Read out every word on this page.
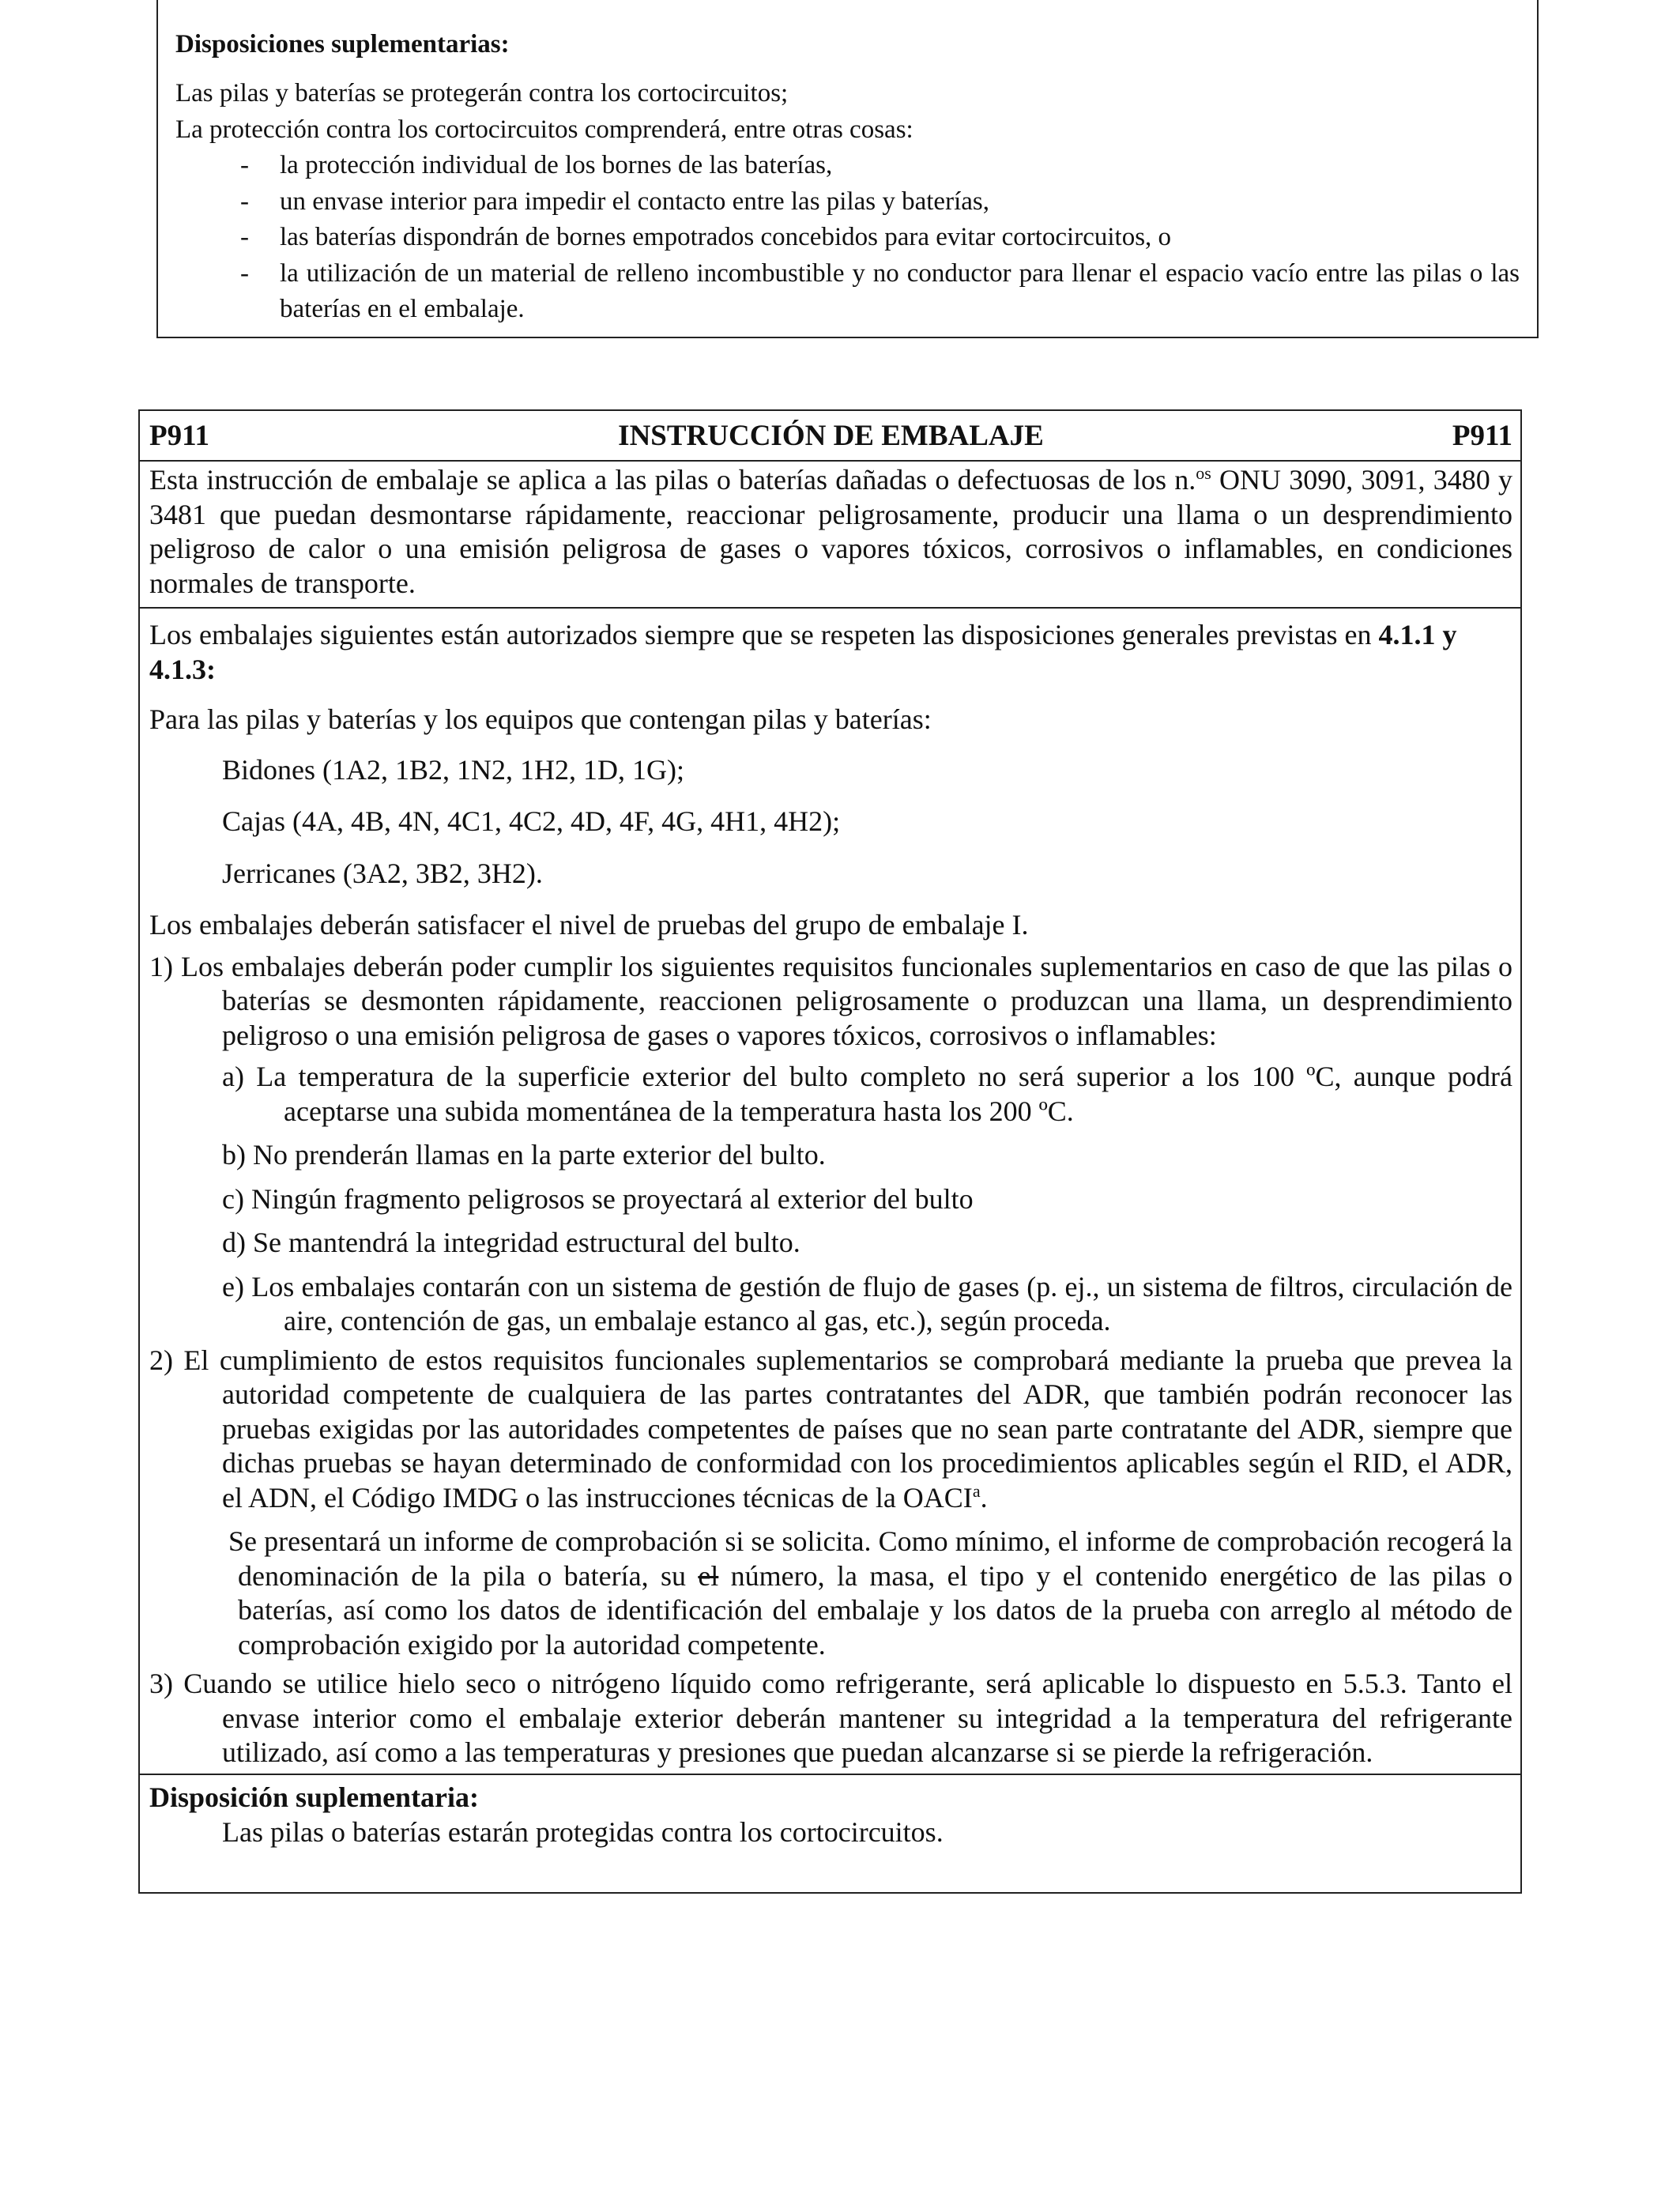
Disposiciones suplementarias:
Las pilas y baterías se protegerán contra los cortocircuitos;
La protección contra los cortocircuitos comprenderá, entre otras cosas:
- la protección individual de los bornes de las baterías,
- un envase interior para impedir el contacto entre las pilas y baterías,
- las baterías dispondrán de bornes empotrados concebidos para evitar cortocircuitos, o
- la utilización de un material de relleno incombustible y no conductor para llenar el espacio vacío entre las pilas o las baterías en el embalaje.
P911	INSTRUCCIÓN DE EMBALAJE	P911
Esta instrucción de embalaje se aplica a las pilas o baterías dañadas o defectuosas de los n.$^{os}$ ONU 3090, 3091, 3480 y 3481 que puedan desmontarse rápidamente, reaccionar peligrosamente, producir una llama o un desprendimiento peligroso de calor o una emisión peligrosa de gases o vapores tóxicos, corrosivos o inflamables, en condiciones normales de transporte.
Los embalajes siguientes están autorizados siempre que se respeten las disposiciones generales previstas en 4.1.1 y 4.1.3:
Para las pilas y baterías y los equipos que contengan pilas y baterías:
Bidones (1A2, 1B2, 1N2, 1H2, 1D, 1G);
Cajas (4A, 4B, 4N, 4C1, 4C2, 4D, 4F, 4G, 4H1, 4H2);
Jerricanes (3A2, 3B2, 3H2).
Los embalajes deberán satisfacer el nivel de pruebas del grupo de embalaje I.
1) Los embalajes deberán poder cumplir los siguientes requisitos funcionales suplementarios en caso de que las pilas o baterías se desmonten rápidamente, reaccionen peligrosamente o produzcan una llama, un desprendimiento peligroso o una emisión peligrosa de gases o vapores tóxicos, corrosivos o inflamables:
a) La temperatura de la superficie exterior del bulto completo no será superior a los 100 ºC, aunque podrá aceptarse una subida momentánea de la temperatura hasta los 200 ºC.
b) No prenderán llamas en la parte exterior del bulto.
c) Ningún fragmento peligrosos se proyectará al exterior del bulto
d) Se mantendrá la integridad estructural del bulto.
e) Los embalajes contarán con un sistema de gestión de flujo de gases (p. ej., un sistema de filtros, circulación de aire, contención de gas, un embalaje estanco al gas, etc.), según proceda.
2) El cumplimiento de estos requisitos funcionales suplementarios se comprobará mediante la prueba que prevea la autoridad competente de cualquiera de las partes contratantes del ADR, que también podrán reconocer las pruebas exigidas por las autoridades competentes de países que no sean parte contratante del ADR, siempre que dichas pruebas se hayan determinado de conformidad con los procedimientos aplicables según el RID, el ADR, el ADN, el Código IMDG o las instrucciones técnicas de la OACI$^a$.
Se presentará un informe de comprobación si se solicita. Como mínimo, el informe de comprobación recogerá la denominación de la pila o batería, su el número, la masa, el tipo y el contenido energético de las pilas o baterías, así como los datos de identificación del embalaje y los datos de la prueba con arreglo al método de comprobación exigido por la autoridad competente.
3) Cuando se utilice hielo seco o nitrógeno líquido como refrigerante, será aplicable lo dispuesto en 5.5.3. Tanto el envase interior como el embalaje exterior deberán mantener su integridad a la temperatura del refrigerante utilizado, así como a las temperaturas y presiones que puedan alcanzarse si se pierde la refrigeración.
Disposición suplementaria:
Las pilas o baterías estarán protegidas contra los cortocircuitos.
